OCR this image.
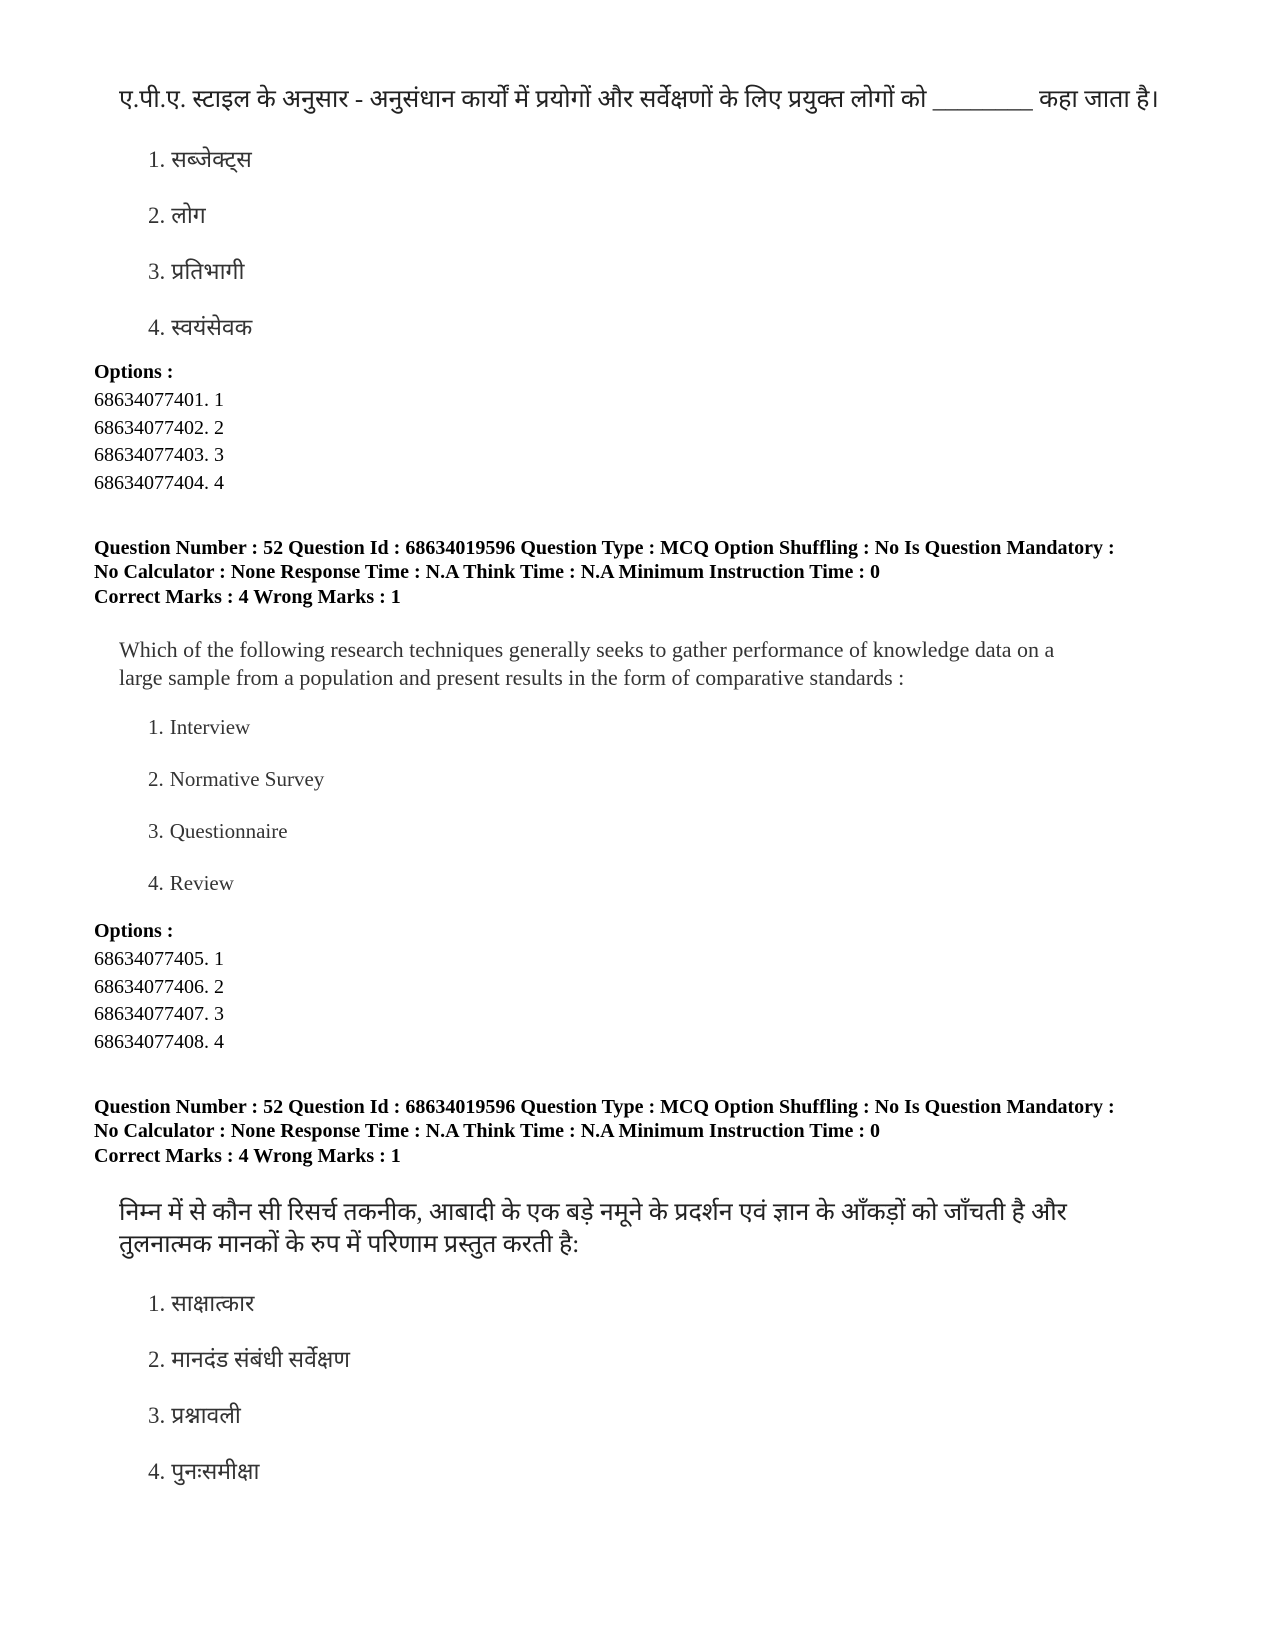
ए.पी.ए. स्टाइल के अनुसार - अनुसंधान कार्यों में प्रयोगों और सर्वेक्षणों के लिए प्रयुक्त लोगों को ________ कहा जाता है।
1. सब्जेक्ट्स
2. लोग
3. प्रतिभागी
4. स्वयंसेवक
Options :
68634077401. 1
68634077402. 2
68634077403. 3
68634077404. 4
Question Number : 52 Question Id : 68634019596 Question Type : MCQ Option Shuffling : No Is Question Mandatory :
No Calculator : None Response Time : N.A Think Time : N.A Minimum Instruction Time : 0
Correct Marks : 4 Wrong Marks : 1
Which of the following research techniques generally seeks to gather performance of knowledge data on a
large sample from a population and present results in the form of comparative standards :
1. Interview
2. Normative Survey
3. Questionnaire
4. Review
Options :
68634077405. 1
68634077406. 2
68634077407. 3
68634077408. 4
Question Number : 52 Question Id : 68634019596 Question Type : MCQ Option Shuffling : No Is Question Mandatory :
No Calculator : None Response Time : N.A Think Time : N.A Minimum Instruction Time : 0
Correct Marks : 4 Wrong Marks : 1
निम्न में से कौन सी रिसर्च तकनीक, आबादी के एक बड़े नमूने के प्रदर्शन एवं ज्ञान के आँकड़ों को जाँचती है और
तुलनात्मक मानकों के रुप में परिणाम प्रस्तुत करती है:
1. साक्षात्कार
2. मानदंड संबंधी सर्वेक्षण
3. प्रश्नावली
4. पुनःसमीक्षा
